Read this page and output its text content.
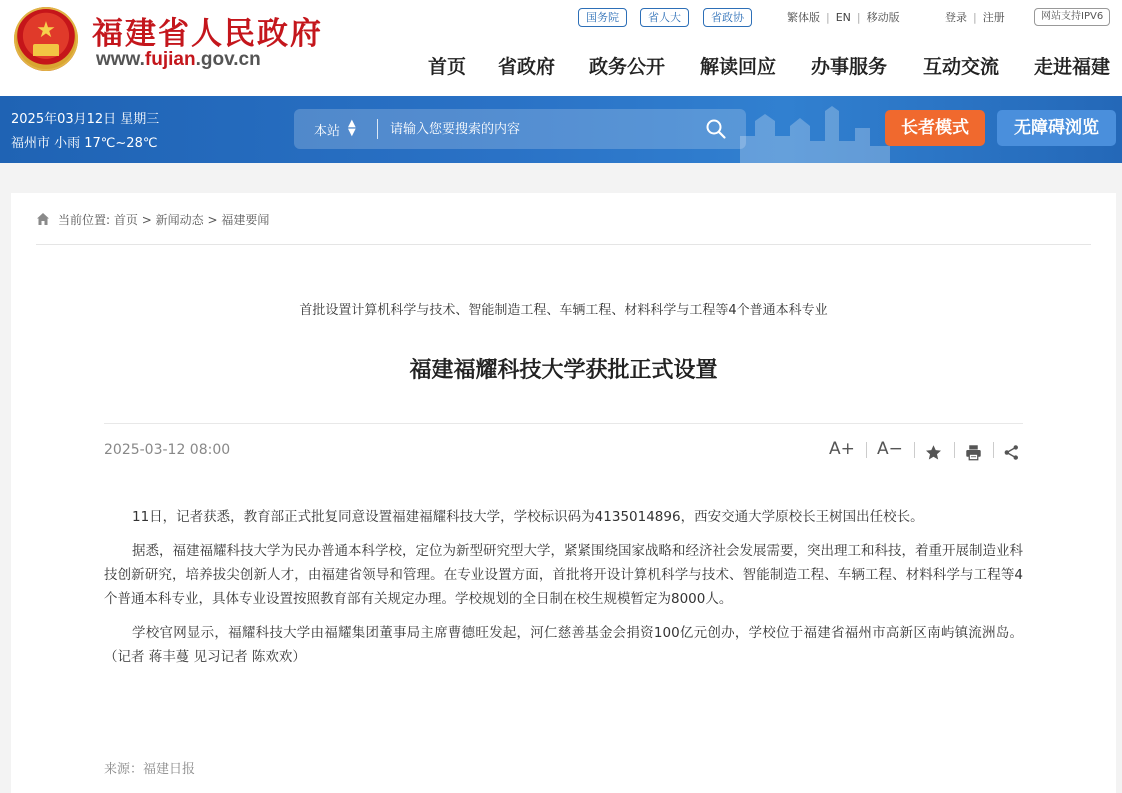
★	福建省人民政府
www.fujian.gov.cn
国务院	省人大	省政协	繁体版 | EN | 移动版	登录 | 注册	网站支持IPV6
首页 省政府 政务公开 解读回应 办事服务 互动交流 走进福建
2025年03月12日 星期三
福州市 小雨 17℃~28℃
本站
▲
▼
请输入您要搜索的内容	长者模式	无障碍浏览
当前位置: 首页 > 新闻动态 > 福建要闻
首批设置计算机科学与技术、智能制造工程、车辆工程、材料科学与工程等4个普通本科专业
福建福耀科技大学获批正式设置
2025-03-12 08:00	A+ A−

11日，记者获悉，教育部正式批复同意设置福建福耀科技大学，学校标识码为4135014896，西安交通大学原校长王树国出任校长。

据悉，福建福耀科技大学为民办普通本科学校，定位为新型研究型大学，紧紧围绕国家战略和经济社会发展需要，突出理工和科技，着重开展制造业科技创新研究，培养拔尖创新人才，由福建省领导和管理。在专业设置方面，首批将开设计算机科学与技术、智能制造工程、车辆工程、材料科学与工程等4个普通本科专业，具体专业设置按照教育部有关规定办理。学校规划的全日制在校生规模暂定为8000人。

学校官网显示，福耀科技大学由福耀集团董事局主席曹德旺发起，河仁慈善基金会捐资100亿元创办，学校位于福建省福州市高新区南屿镇流洲岛。（记者 蒋丰蔓 见习记者 陈欢欢）

来源：福建日报
